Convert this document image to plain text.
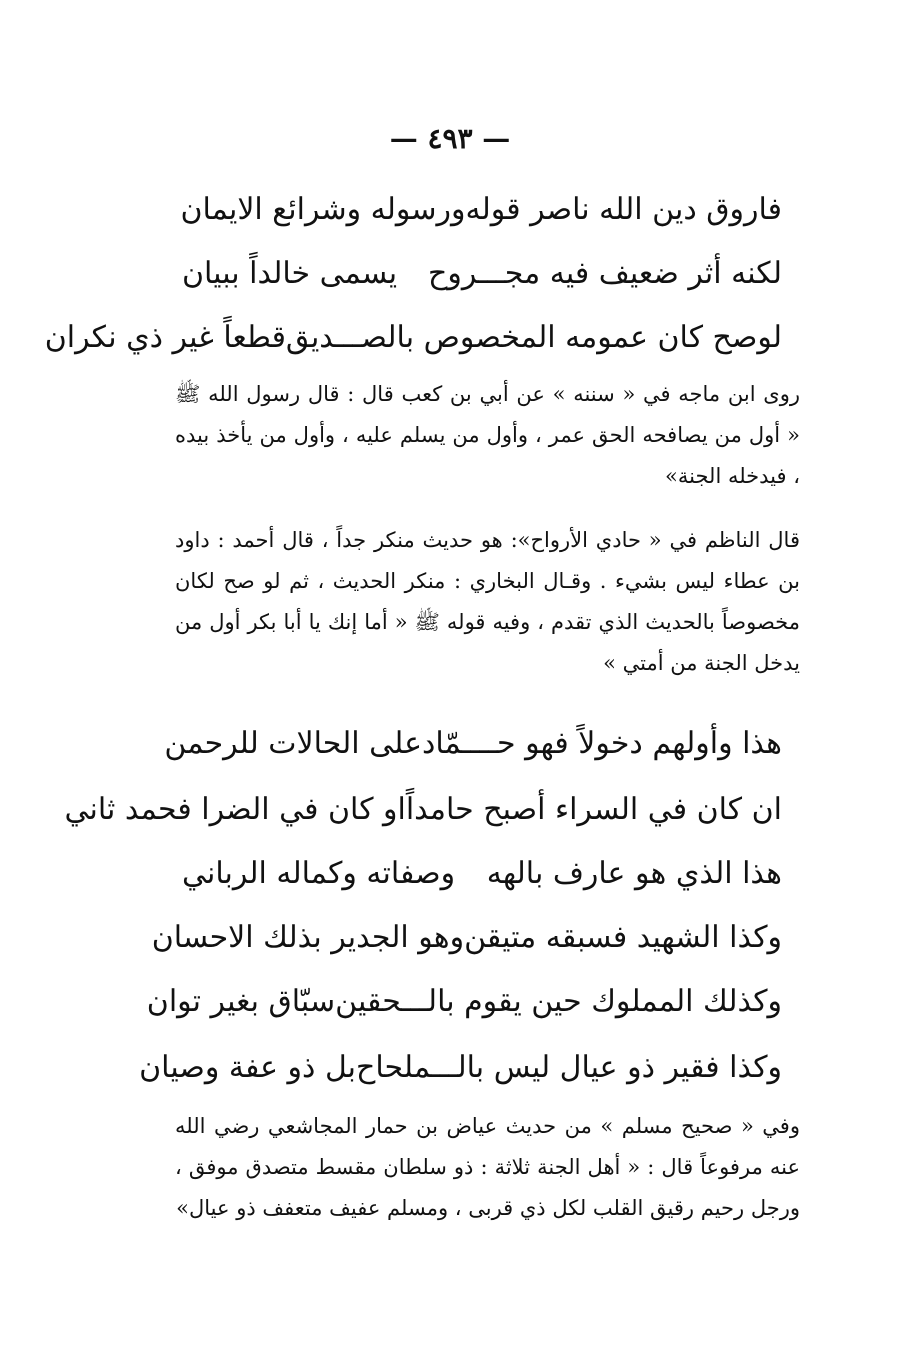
— ٤٩٣ —
فاروق دين الله ناصر قوله
ورسوله وشرائع الايمان
لكنه أثر ضعيف فيه مجـــروح
يسمى خالداً ببيان
لوصح كان عمومه المخصوص بالصـــديق
قطعاً غير ذي نكران

روى ابن ماجه في « سننه » عن أبي بن كعب قال : قال رسول الله ﷺ « أول من يصافحه الحق عمر ، وأول من يسلم عليه ، وأول من يأخذ بيده ، فيدخله الجنة»

قال الناظم في « حادي الأرواح»: هو حديث منكر جداً ، قال أحمد : داود بن عطاء ليس بشيء . وقـال البخاري : منكر الحديث ، ثم لو صح لكان مخصوصاً بالحديث الذي تقدم ، وفيه قوله ﷺ « أما إنك يا أبا بكر أول من يدخل الجنة من أمتي »

هذا وأولهم دخولاً فهو حــــمّاد
على الحالات للرحمن
ان كان في السراء أصبح حامداً
او كان في الضرا فحمد ثاني
هذا الذي هو عارف بالهه
وصفاته وكماله الرباني
وكذا الشهيد فسبقه متيقن
وهو الجدير بذلك الاحسان
وكذلك المملوك حين يقوم بالـــحقين
سبّاق بغير توان
وكذا فقير ذو عيال ليس بالـــملحاح
بل ذو عفة وصيان

وفي « صحيح مسلم » من حديث عياض بن حمار المجاشعي رضي الله عنه مرفوعاً قال : « أهل الجنة ثلاثة : ذو سلطان مقسط متصدق موفق ، ورجل رحيم رقيق القلب لكل ذي قربى ، ومسلم عفيف متعفف ذو عيال»
